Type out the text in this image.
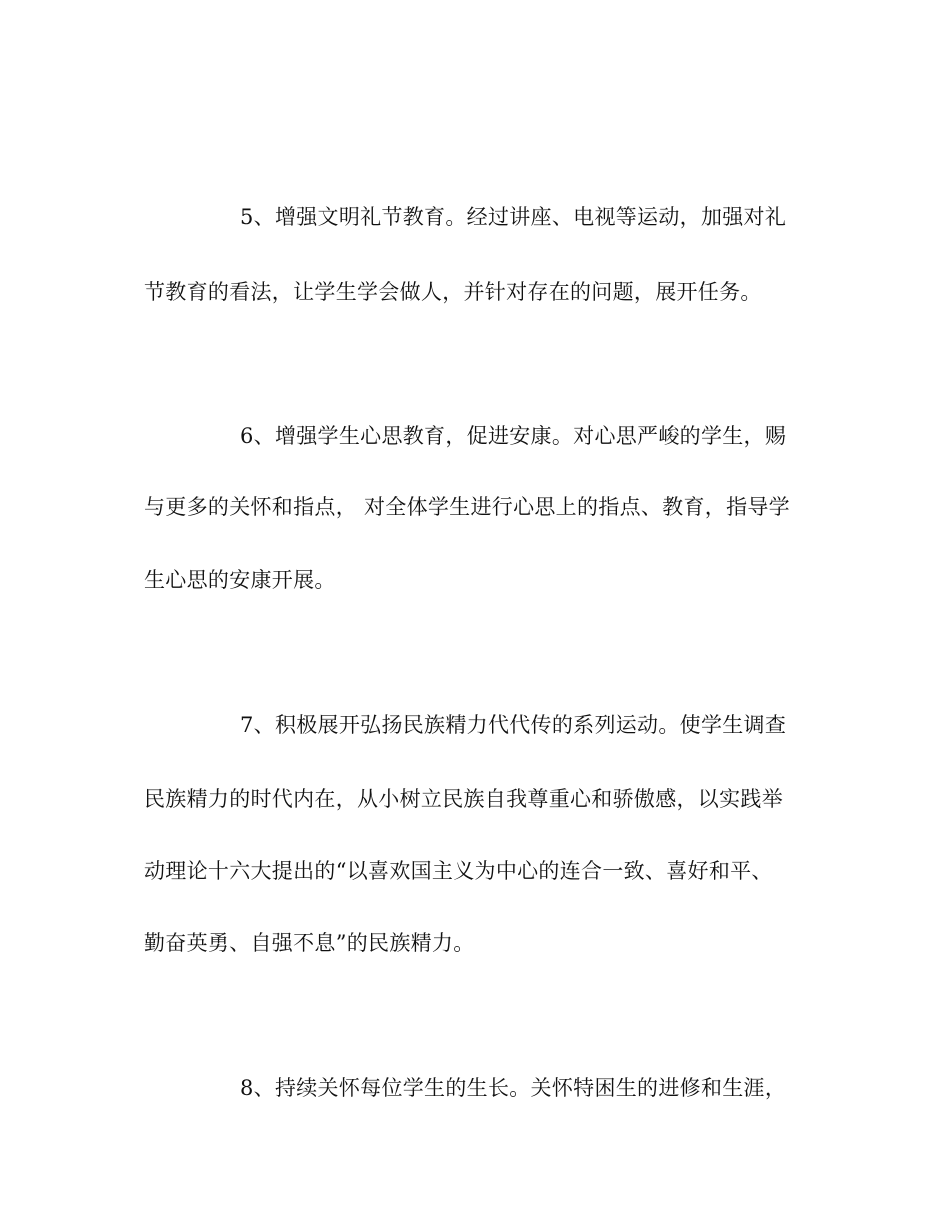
5、增强文明礼节教育。经过讲座、电视等运动，加强对礼
节教育的看法，让学生学会做人，并针对存在的问题，展开任务。
6、增强学生心思教育，促进安康。对心思严峻的学生，赐
与更多的关怀和指点， 对全体学生进行心思上的指点、教育，指导学
生心思的安康开展。
7、积极展开弘扬民族精力代代传的系列运动。使学生调查
民族精力的时代内在，从小树立民族自我尊重心和骄傲感，以实践举
动理论十六大提出的“以喜欢国主义为中心的连合一致、喜好和平、
勤奋英勇、自强不息”的民族精力。
8、持续关怀每位学生的生长。关怀特困生的进修和生涯，
